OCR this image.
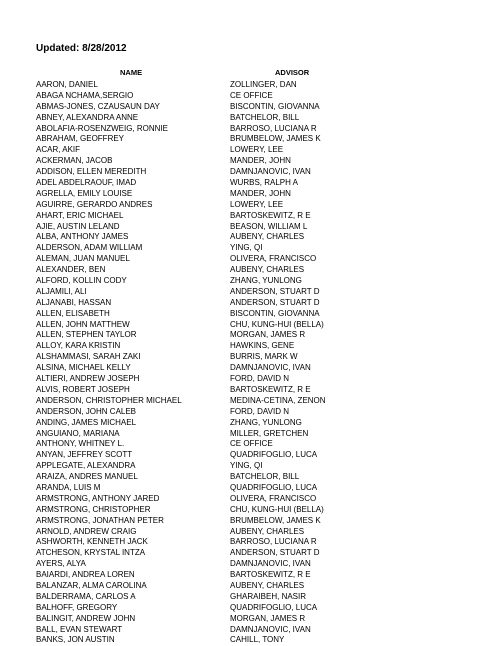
Updated: 8/28/2012
NAME	ADVISOR
AARON, DANIEL	ZOLLINGER, DAN
ABAGA NCHAMA,SERGIO	CE OFFICE
ABMAS-JONES, CZAUSAUN DAY	BISCONTIN, GIOVANNA
ABNEY, ALEXANDRA ANNE	BATCHELOR, BILL
ABOLAFIA-ROSENZWEIG, RONNIE	BARROSO, LUCIANA R
ABRAHAM, GEOFFREY	BRUMBELOW, JAMES K
ACAR, AKIF	LOWERY, LEE
ACKERMAN, JACOB	MANDER, JOHN
ADDISON, ELLEN MEREDITH	DAMNJANOVIC, IVAN
ADEL ABDELRAOUF, IMAD	WURBS, RALPH A
AGRELLA, EMILY LOUISE	MANDER, JOHN
AGUIRRE, GERARDO ANDRES	LOWERY, LEE
AHART, ERIC MICHAEL	BARTOSKEWITZ, R E
AJIE, AUSTIN LELAND	BEASON, WILLIAM L
ALBA, ANTHONY JAMES	AUBENY, CHARLES
ALDERSON, ADAM WILLIAM	YING, QI
ALEMAN, JUAN MANUEL	OLIVERA, FRANCISCO
ALEXANDER, BEN	AUBENY, CHARLES
ALFORD, KOLLIN CODY	ZHANG, YUNLONG
ALJAMILI, ALI	ANDERSON, STUART D
ALJANABI, HASSAN	ANDERSON, STUART D
ALLEN, ELISABETH	BISCONTIN, GIOVANNA
ALLEN, JOHN MATTHEW	CHU, KUNG-HUI (BELLA)
ALLEN, STEPHEN TAYLOR	MORGAN, JAMES R
ALLOY, KARA KRISTIN	HAWKINS, GENE
ALSHAMMASI, SARAH ZAKI	BURRIS, MARK W
ALSINA, MICHAEL KELLY	DAMNJANOVIC, IVAN
ALTIERI, ANDREW JOSEPH	FORD, DAVID N
ALVIS, ROBERT JOSEPH	BARTOSKEWITZ, R E
ANDERSON, CHRISTOPHER MICHAEL	MEDINA-CETINA, ZENON
ANDERSON, JOHN CALEB	FORD, DAVID N
ANDING, JAMES MICHAEL	ZHANG, YUNLONG
ANGUIANO, MARIANA	MILLER, GRETCHEN
ANTHONY, WHITNEY L.	CE OFFICE
ANYAN, JEFFREY SCOTT	QUADRIFOGLIO, LUCA
APPLEGATE, ALEXANDRA	YING, QI
ARAIZA, ANDRES MANUEL	BATCHELOR, BILL
ARANDA, LUIS M	QUADRIFOGLIO, LUCA
ARMSTRONG, ANTHONY JARED	OLIVERA, FRANCISCO
ARMSTRONG, CHRISTOPHER	CHU, KUNG-HUI (BELLA)
ARMSTRONG, JONATHAN PETER	BRUMBELOW, JAMES K
ARNOLD, ANDREW CRAIG	AUBENY, CHARLES
ASHWORTH, KENNETH JACK	BARROSO, LUCIANA R
ATCHESON, KRYSTAL INTZA	ANDERSON, STUART D
AYERS, ALYA	DAMNJANOVIC, IVAN
BAIARDI, ANDREA LOREN	BARTOSKEWITZ, R E
BALANZAR, ALMA CAROLINA	AUBENY, CHARLES
BALDERRAMA, CARLOS A	GHARAIBEH, NASIR
BALHOFF, GREGORY	QUADRIFOGLIO, LUCA
BALINGIT, ANDREW JOHN	MORGAN, JAMES R
BALL, EVAN STEWART	DAMNJANOVIC, IVAN
BANKS, JON AUSTIN	CAHILL, TONY
